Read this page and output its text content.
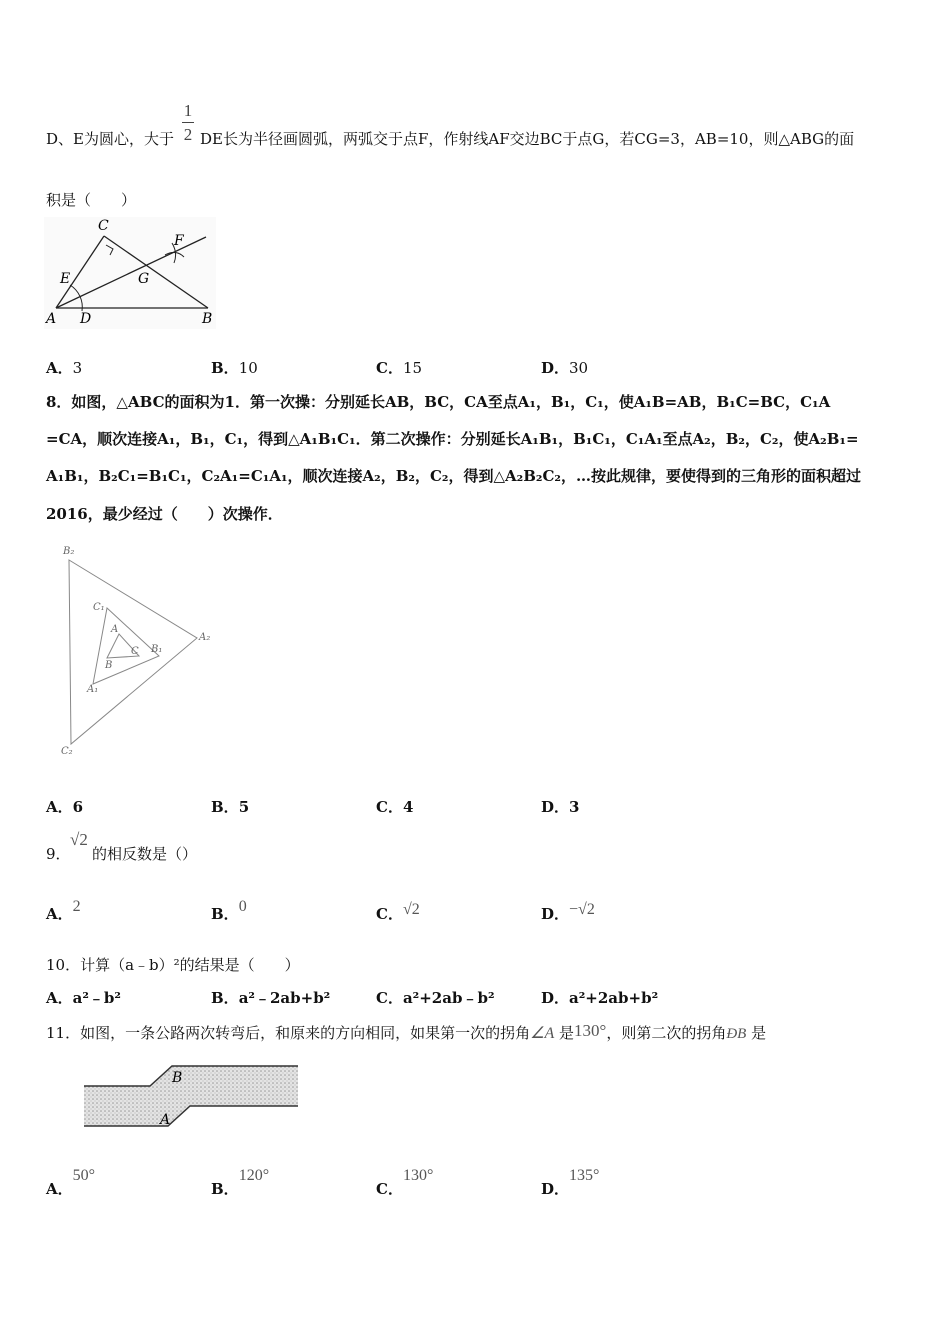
D、E为圆心，大于
1
2 DE长为半径画圆弧，两弧交于点F，作射线AF交边BC于点G，若CG=3，AB=10，则△ABG的面
积是（　　）
C
F
E	G
A D	B
A．3	B．10	C．15	D．30
8．如图，△ABC的面积为1．第一次操：分别延长AB，BC，CA至点A₁，B₁，C₁，使A₁B=AB，B₁C=BC，C₁A
=CA，顺次连接A₁，B₁，C₁，得到△A₁B₁C₁．第二次操作：分别延长A₁B₁，B₁C₁，C₁A₁至点A₂，B₂，C₂，使A₂B₁=
A₁B₁，B₂C₁=B₁C₁，C₂A₁=C₁A₁，顺次连接A₂，B₂，C₂，得到△A₂B₂C₂，…按此规律，要使得到的三角形的面积超过
2016，最少经过（　　）次操作．
B₂
C₁
A
C B₁
A₂
B
A₁
C₂
A．6	B．5	C．4	D．3
9．
√2
的相反数是（）
A．2	B．0	C．√2	D．−√2
10．计算（a﹣b）²的结果是（　　）
A．a²﹣b²	B．a²﹣2ab+b²	C．a²+2ab﹣b²	D．a²+2ab+b²
11．如图，一条公路两次转弯后，和原来的方向相同，如果第一次的拐角∠A 是130°，则第二次的拐角ÐB 是
B
A
A．50°
B．120°
C．130°
D．135°
